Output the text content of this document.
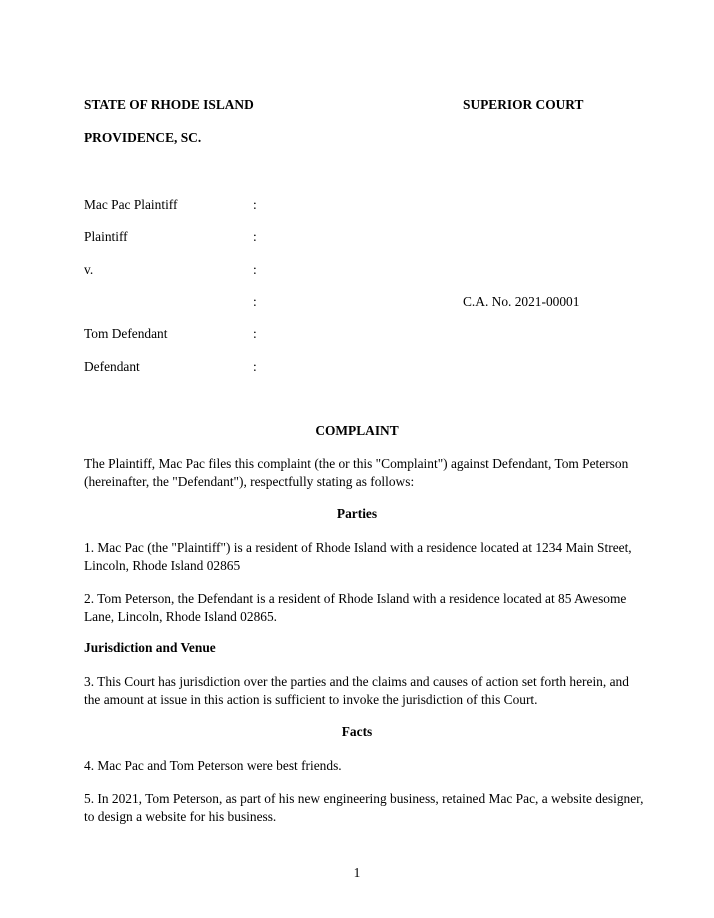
STATE OF RHODE ISLAND	SUPERIOR COURT
PROVIDENCE, SC.
Mac Pac Plaintiff	:
Plaintiff	:
v.	:
:	C.A. No. 2021-00001
Tom Defendant	:
Defendant	:
COMPLAINT
The Plaintiff, Mac Pac files this complaint (the or this "Complaint") against Defendant, Tom Peterson (hereinafter, the "Defendant"), respectfully stating as follows:
Parties
1. Mac Pac (the "Plaintiff") is a resident of Rhode Island with a residence located at 1234 Main Street, Lincoln, Rhode Island 02865
2. Tom Peterson, the Defendant is a resident of Rhode Island with a residence located at 85 Awesome Lane, Lincoln, Rhode Island 02865.
Jurisdiction and Venue
3. This Court has jurisdiction over the parties and the claims and causes of action set forth herein, and the amount at issue in this action is sufficient to invoke the jurisdiction of this Court.
Facts
4. Mac Pac and Tom Peterson were best friends.
5. In 2021, Tom Peterson, as part of his new engineering business, retained Mac Pac, a website designer, to design a website for his business.
1
